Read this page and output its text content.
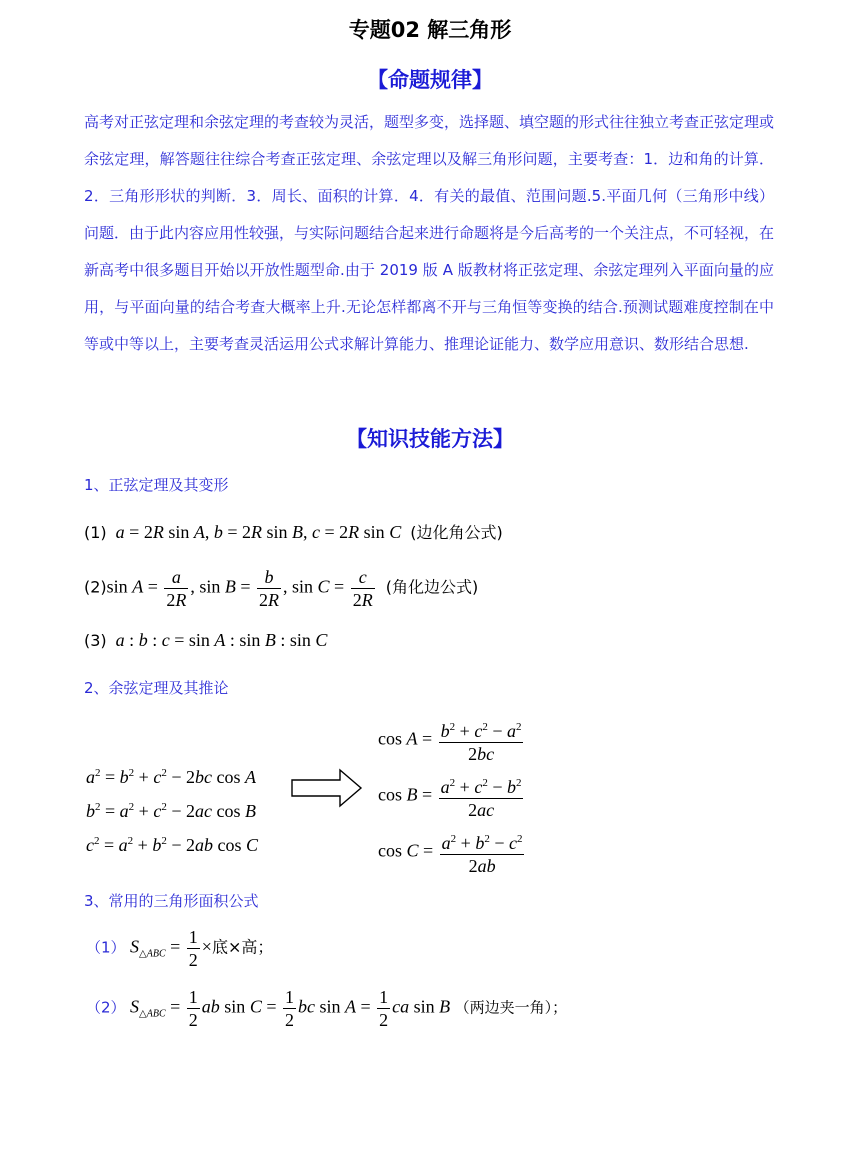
专题02 解三角形
【命题规律】

高考对正弦定理和余弦定理的考查较为灵活，题型多变，选择题、填空题的形式往往独立考查正弦定理或余弦定理，解答题往往综合考查正弦定理、余弦定理以及解三角形问题，主要考查：1．边和角的计算．2．三角形形状的判断．3．周长、面积的计算．4．有关的最值、范围问题.5.平面几何（三角形中线）问题．由于此内容应用性较强，与实际问题结合起来进行命题将是今后高考的一个关注点，不可轻视，在新高考中很多题目开始以开放性题型命.由于 2019 版 A 版教材将正弦定理、余弦定理列入平面向量的应用，与平面向量的结合考查大概率上升.无论怎样都离不开与三角恒等变换的结合.预测试题难度控制在中等或中等以上，主要考查灵活运用公式求解计算能力、推理论证能力、数学应用意识、数形结合思想.

【知识技能方法】
1、正弦定理及其变形
(1) a = 2R sin A, b = 2R sin B, c = 2R sin C (边化角公式)
(2)sin $A = \frac{a}{2R}$ , $\sin B = \frac{b}{2R}$ , $\sin C = \frac{c}{2R}$ (角化边公式)
(3) a : b : c = sin A : sin B : sin C
2、余弦定理及其推论
$a^2 = b^2 + c^2 - 2bc$ cos A
$b^2 = a^2 + c^2 - 2ac$ cos B
$c^2 = a^2 + b^2 - 2ab$ cos C
$\cos A = \frac{b^2 + c^2 - a^2}{2bc}$
$\cos B = \frac{a^2 + c^2 - b^2}{2ac}$
$\cos C = \frac{a^2 + b^2 - c^2}{2ab}$
3、常用的三角形面积公式
（1） $S_{\triangle ABC} = \frac{1}{2}$ ×底×高；
（2） $S_{\triangle ABC} = \frac{1}{2}$ ab $\sin C = \frac{1}{2}$ bc $\sin A = \frac{1}{2}$ ca sin B （两边夹一角）；
